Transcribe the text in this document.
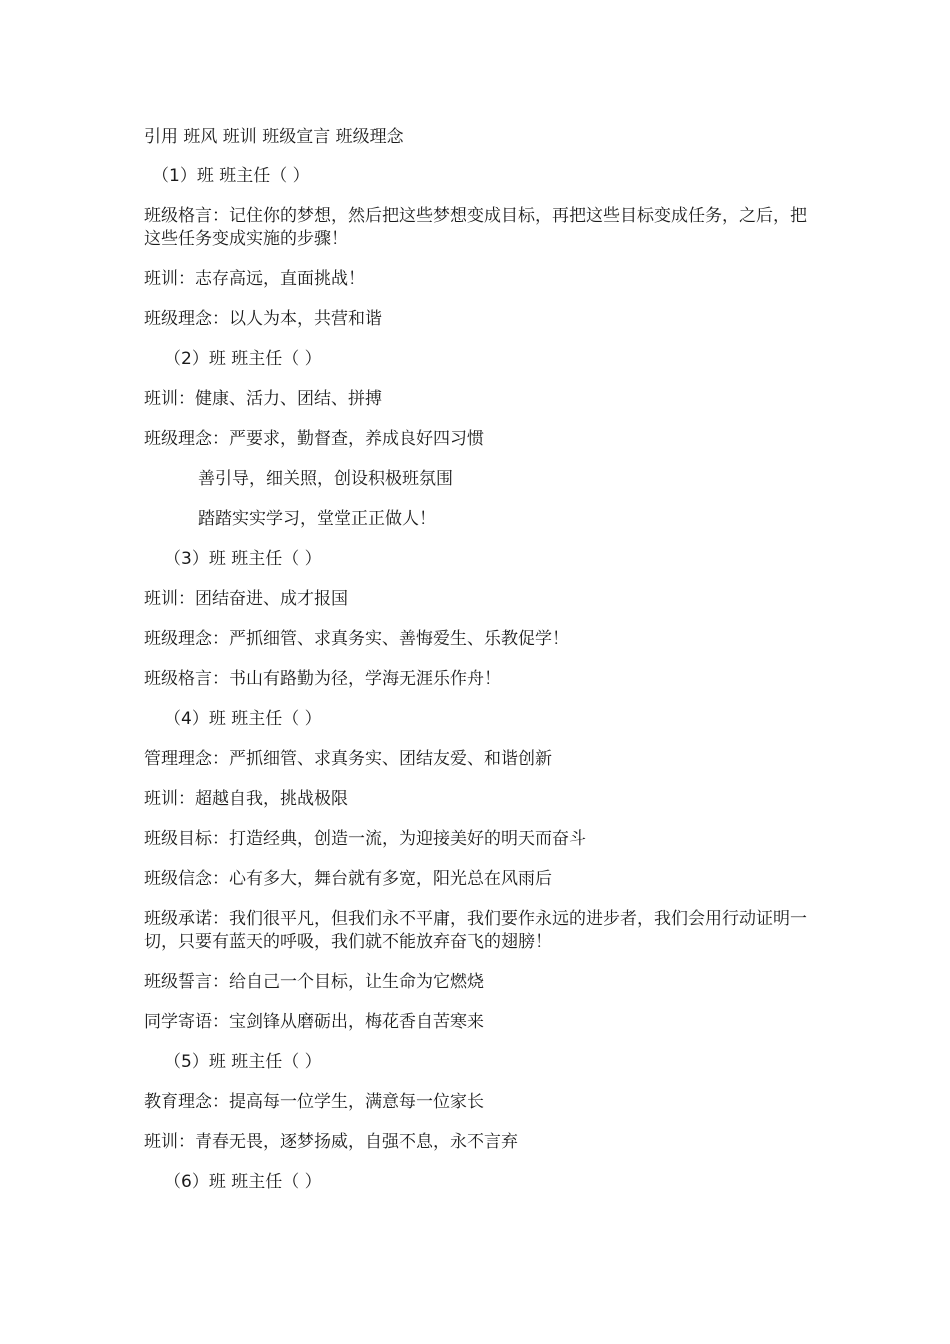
引用 班风 班训 班级宣言 班级理念

（1）班 班主任（ ）

班级格言：记住你的梦想，然后把这些梦想变成目标，再把这些目标变成任务，之后，把这些任务变成实施的步骤！

班训：志存高远，直面挑战！

班级理念：以人为本，共营和谐

（2）班 班主任（ ）

班训：健康、活力、团结、拼搏

班级理念：严要求，勤督查，养成良好四习惯

善引导，细关照，创设积极班氛围

踏踏实实学习，堂堂正正做人！

（3）班 班主任（ ）

班训：团结奋进、成才报国

班级理念：严抓细管、求真务实、善悔爱生、乐教促学！

班级格言：书山有路勤为径，学海无涯乐作舟！

（4）班 班主任（ ）

管理理念：严抓细管、求真务实、团结友爱、和谐创新

班训：超越自我，挑战极限

班级目标：打造经典，创造一流，为迎接美好的明天而奋斗

班级信念：心有多大，舞台就有多宽，阳光总在风雨后

班级承诺：我们很平凡，但我们永不平庸，我们要作永远的进步者，我们会用行动证明一切，只要有蓝天的呼吸，我们就不能放弃奋飞的翅膀！

班级誓言：给自己一个目标，让生命为它燃烧

同学寄语：宝剑锋从磨砺出，梅花香自苦寒来

（5）班 班主任（ ）

教育理念：提高每一位学生，满意每一位家长

班训：青春无畏，逐梦扬威，自强不息，永不言弃

（6）班 班主任（ ）
